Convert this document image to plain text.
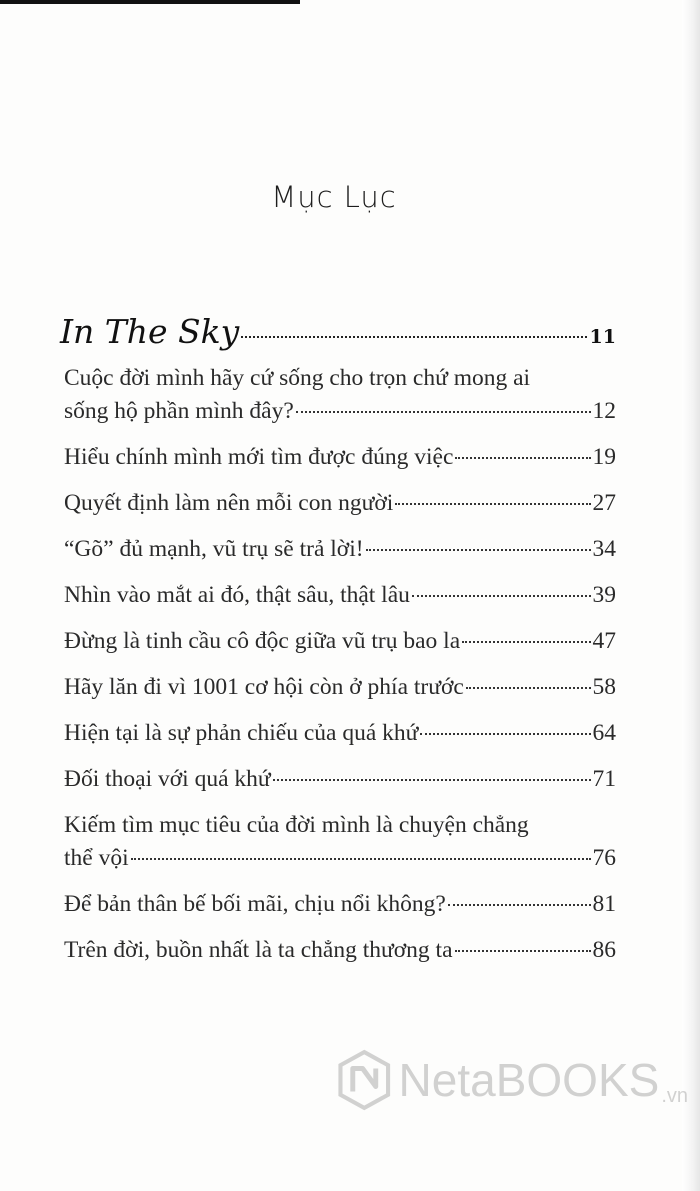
Mục Lục
In The Sky	11
Cuộc đời mình hãy cứ sống cho trọn chứ mong ai
sống hộ phần mình đây?	12
Hiểu chính mình mới tìm được đúng việc	19
Quyết định làm nên mỗi con người	27
“Gõ” đủ mạnh, vũ trụ sẽ trả lời!	34
Nhìn vào mắt ai đó, thật sâu, thật lâu	39
Đừng là tinh cầu cô độc giữa vũ trụ bao la	47
Hãy lăn đi vì 1001 cơ hội còn ở phía trước	58
Hiện tại là sự phản chiếu của quá khứ	64
Đối thoại với quá khứ	71
Kiếm tìm mục tiêu của đời mình là chuyện chẳng
thể vội	76
Để bản thân bế bối mãi, chịu nổi không?	81
Trên đời, buồn nhất là ta chẳng thương ta	86
NetaBOOKS .vn
